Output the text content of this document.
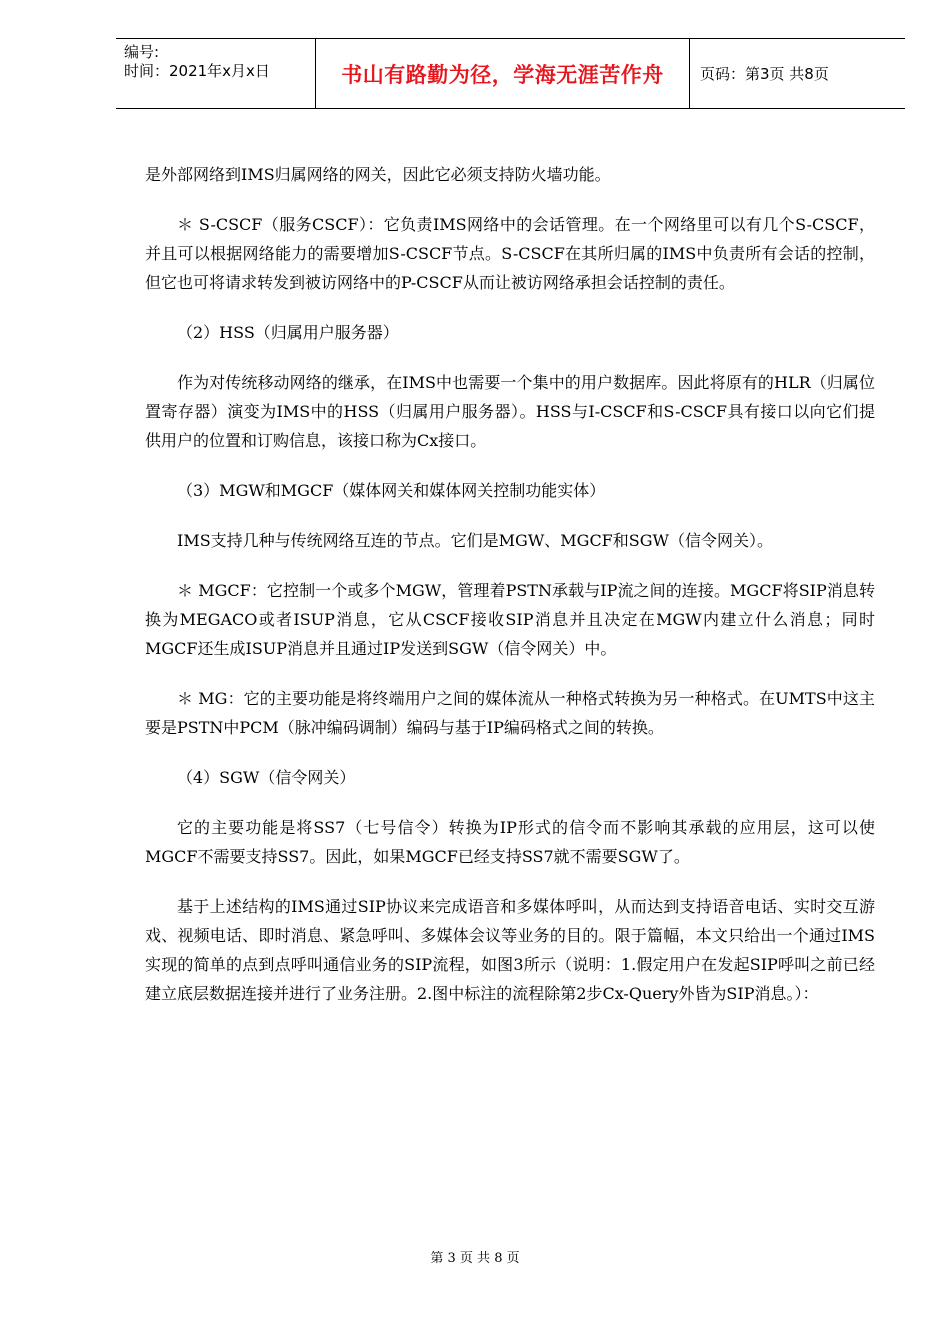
编号:
时间：2021年x月x日	书山有路勤为径，学海无涯苦作舟	页码：第3页 共8页

是外部网络到IMS归属网络的网关，因此它必须支持防火墙功能。

＊ S-CSCF（服务CSCF）：它负责IMS网络中的会话管理。在一个网络里可以有几个S-CSCF，并且可以根据网络能力的需要增加S-CSCF节点。S-CSCF在其所归属的IMS中负责所有会话的控制，但它也可将请求转发到被访网络中的P-CSCF从而让被访网络承担会话控制的责任。

（2）HSS（归属用户服务器）

作为对传统移动网络的继承，在IMS中也需要一个集中的用户数据库。因此将原有的HLR（归属位置寄存器）演变为IMS中的HSS（归属用户服务器）。HSS与I-CSCF和S-CSCF具有接口以向它们提供用户的位置和订购信息，该接口称为Cx接口。

（3）MGW和MGCF（媒体网关和媒体网关控制功能实体）

IMS支持几种与传统网络互连的节点。它们是MGW、MGCF和SGW（信令网关）。

＊ MGCF：它控制一个或多个MGW，管理着PSTN承载与IP流之间的连接。MGCF将SIP消息转换为MEGACO或者ISUP消息，它从CSCF接收SIP消息并且决定在MGW内建立什么消息；同时MGCF还生成ISUP消息并且通过IP发送到SGW（信令网关）中。

＊ MG：它的主要功能是将终端用户之间的媒体流从一种格式转换为另一种格式。在UMTS中这主要是PSTN中PCM（脉冲编码调制）编码与基于IP编码格式之间的转换。

（4）SGW（信令网关）

它的主要功能是将SS7（七号信令）转换为IP形式的信令而不影响其承载的应用层，这可以使MGCF不需要支持SS7。因此，如果MGCF已经支持SS7就不需要SGW了。

基于上述结构的IMS通过SIP协议来完成语音和多媒体呼叫，从而达到支持语音电话、实时交互游戏、视频电话、即时消息、紧急呼叫、多媒体会议等业务的目的。限于篇幅，本文只给出一个通过IMS实现的简单的点到点呼叫通信业务的SIP流程，如图3所示（说明：1.假定用户在发起SIP呼叫之前已经建立底层数据连接并进行了业务注册。2.图中标注的流程除第2步Cx-Query外皆为SIP消息。）：

第 3 页 共 8 页
